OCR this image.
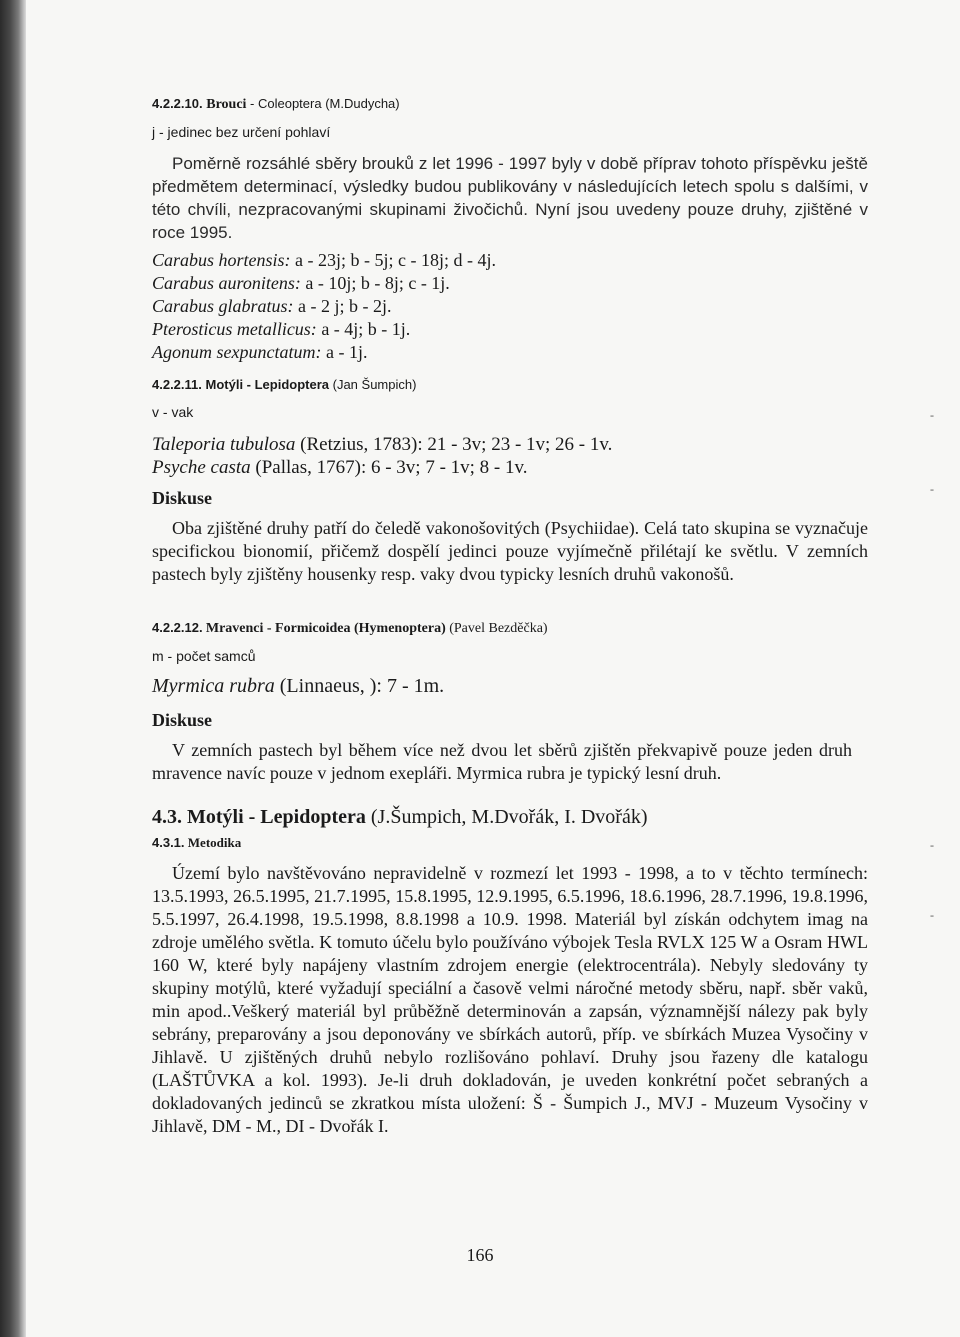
4.2.2.10. Brouci - Coleoptera (M.Dudycha)
j - jedinec bez určení pohlaví
Poměrně rozsáhlé sběry brouků z let 1996 - 1997 byly v době příprav tohoto příspěvku ještě předmětem determinací, výsledky budou publikovány v následujících letech spolu s dalšími, v této chvíli, nezpracovanými skupinami živočichů. Nyní jsou uvedeny pouze druhy, zjištěné v roce 1995.
Carabus hortensis: a - 23j; b - 5j; c - 18j; d - 4j.
Carabus auronitens: a - 10j; b - 8j; c - 1j.
Carabus glabratus: a - 2 j; b - 2j.
Pterosticus metallicus: a - 4j; b - 1j.
Agonum sexpunctatum: a - 1j.
4.2.2.11. Motýli - Lepidoptera (Jan Šumpich)
v - vak
Taleporia tubulosa (Retzius, 1783): 21 - 3v; 23 - 1v; 26 - 1v.
Psyche casta (Pallas, 1767): 6 - 3v; 7 - 1v; 8 - 1v.
Diskuse
Oba zjištěné druhy patří do čeledě vakonošovitých (Psychiidae). Celá tato skupina se vyznačuje specifickou bionomií, přičemž dospělí jedinci pouze vyjímečně přilétají ke světlu. V zemních pastech byly zjištěny housenky resp. vaky dvou typicky lesních druhů vakonošů.
4.2.2.12. Mravenci - Formicoidea (Hymenoptera) (Pavel Bezděčka)
m - počet samců
Myrmica rubra (Linnaeus, ): 7 - 1m.
Diskuse
V zemních pastech byl během více než dvou let sběrů zjištěn překvapivě pouze jeden druh mravence navíc pouze v jednom exepláři. Myrmica rubra je typický lesní druh.
4.3. Motýli - Lepidoptera (J.Šumpich, M.Dvořák, I. Dvořák)
4.3.1. Metodika
Území bylo navštěvováno nepravidelně v rozmezí let 1993 - 1998, a to v těchto termínech: 13.5.1993, 26.5.1995, 21.7.1995, 15.8.1995, 12.9.1995, 6.5.1996, 18.6.1996, 28.7.1996, 19.8.1996, 5.5.1997, 26.4.1998, 19.5.1998, 8.8.1998 a 10.9. 1998. Materiál byl získán odchytem imag na zdroje umělého světla. K tomuto účelu bylo používáno výbojek Tesla RVLX 125 W a Osram HWL 160 W, které byly napájeny vlastním zdrojem energie (elektrocentrála). Nebyly sledovány ty skupiny motýlů, které vyžadují speciální a časově velmi náročné metody sběru, např. sběr vaků, min apod..Veškerý materiál byl průběžně determinován a zapsán, významnější nálezy pak byly sebrány, preparovány a jsou deponovány ve sbírkách autorů, příp. ve sbírkách Muzea Vysočiny v Jihlavě. U zjištěných druhů nebylo rozlišováno pohlaví. Druhy jsou řazeny dle katalogu (LAŠTŮVKA a kol. 1993). Je-li druh dokladován, je uveden konkrétní počet sebraných a dokladovaných jedinců se zkratkou místa uložení: Š - Šumpich J., MVJ - Muzeum Vysočiny v Jihlavě, DM - M., DI - Dvořák I.
-
-
-
-
166
